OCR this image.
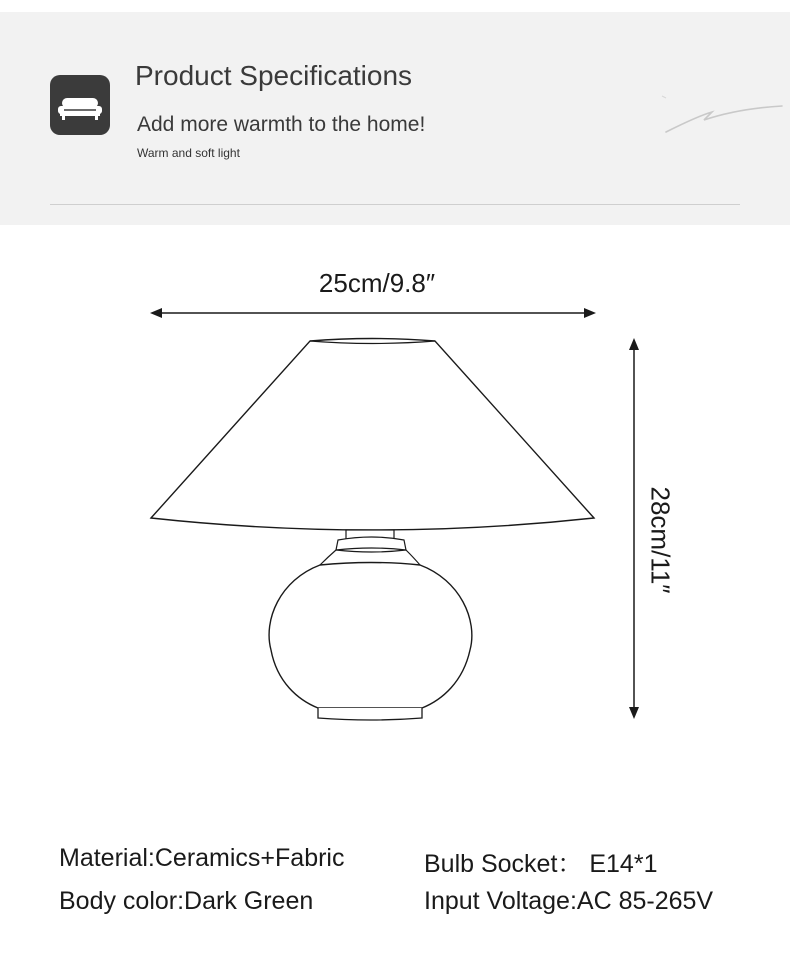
Product Specifications
Add more warmth to the home!
Warm and soft light
25cm/9.8″
28cm/11″
Material:Ceramics+Fabric
Body color:Dark Green
Bulb Socket： E14*1
Input Voltage:AC 85-265V
